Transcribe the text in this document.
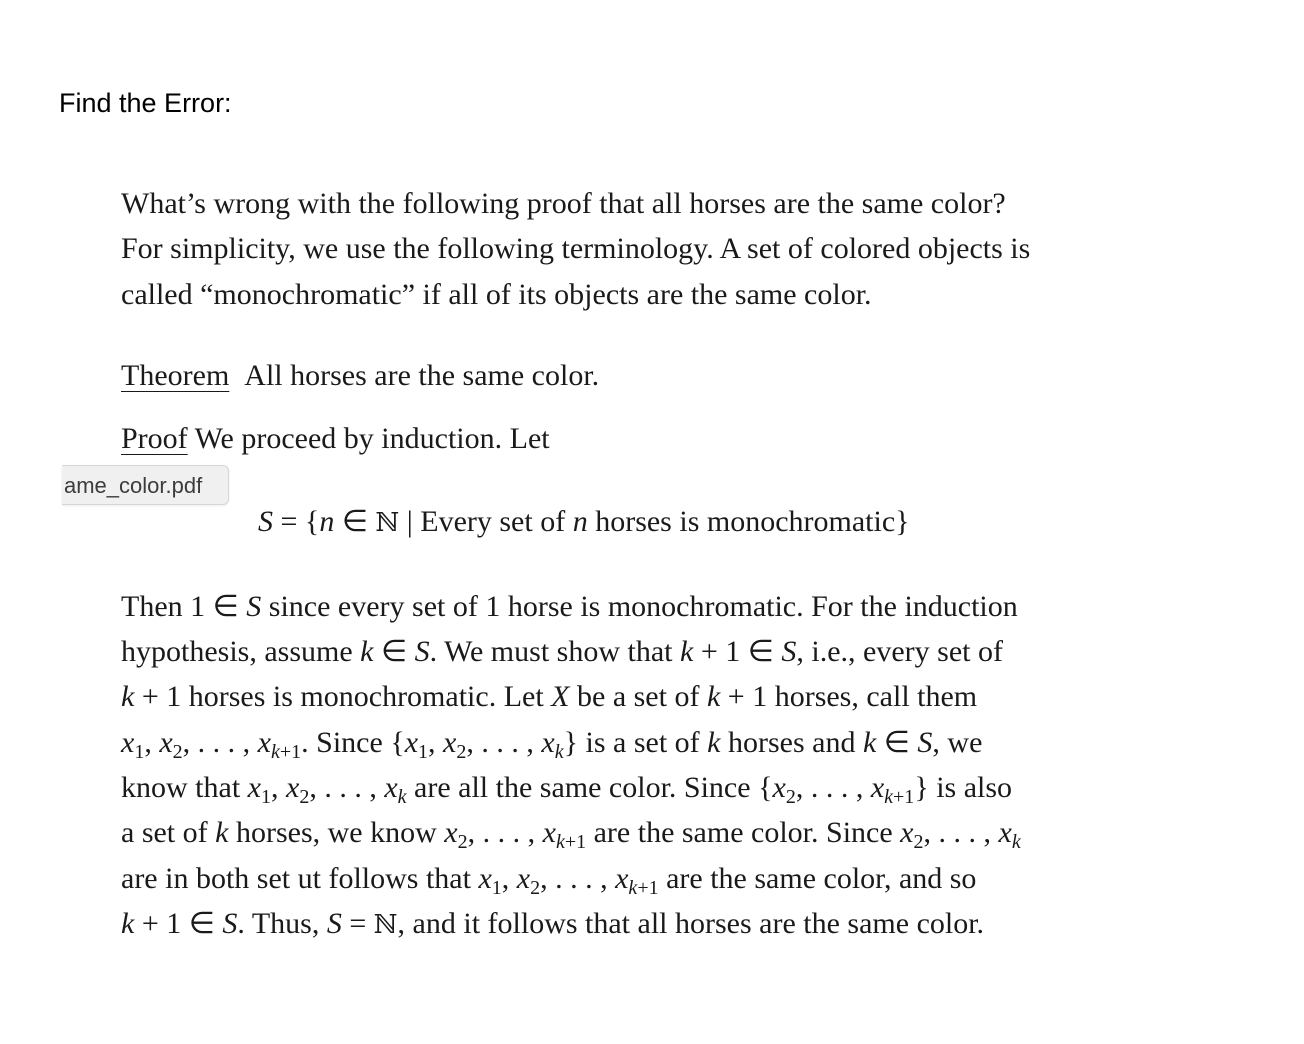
Find the Error:
ame_color.pdf
What’s wrong with the following proof that all horses are the same color?
For simplicity, we use the following terminology. A set of colored objects is
called “monochromatic” if all of its objects are the same color.
Theorem All horses are the same color.
Proof We proceed by induction. Let
S = {n ∈ ℕ | Every set of n horses is monochromatic}
Then 1 ∈ S since every set of 1 horse is monochromatic. For the induction
hypothesis, assume k ∈ S. We must show that k + 1 ∈ S, i.e., every set of
k + 1 horses is monochromatic. Let X be a set of k + 1 horses, call them
$x_1$, $x_2$, . . . , $x_{k+1}$. Since {$x_1$, $x_2$, . . . , $x_k$} is a set of k horses and k ∈ S, we
know that $x_1$, $x_2$, . . . , $x_k$ are all the same color. Since {$x_2$, . . . , $x_{k+1}$} is also
a set of k horses, we know $x_2$, . . . , $x_{k+1}$ are the same color. Since $x_2$, . . . , $x_k$
are in both set ut follows that $x_1$, $x_2$, . . . , $x_{k+1}$ are the same color, and so
k + 1 ∈ S. Thus, S = ℕ, and it follows that all horses are the same color.
